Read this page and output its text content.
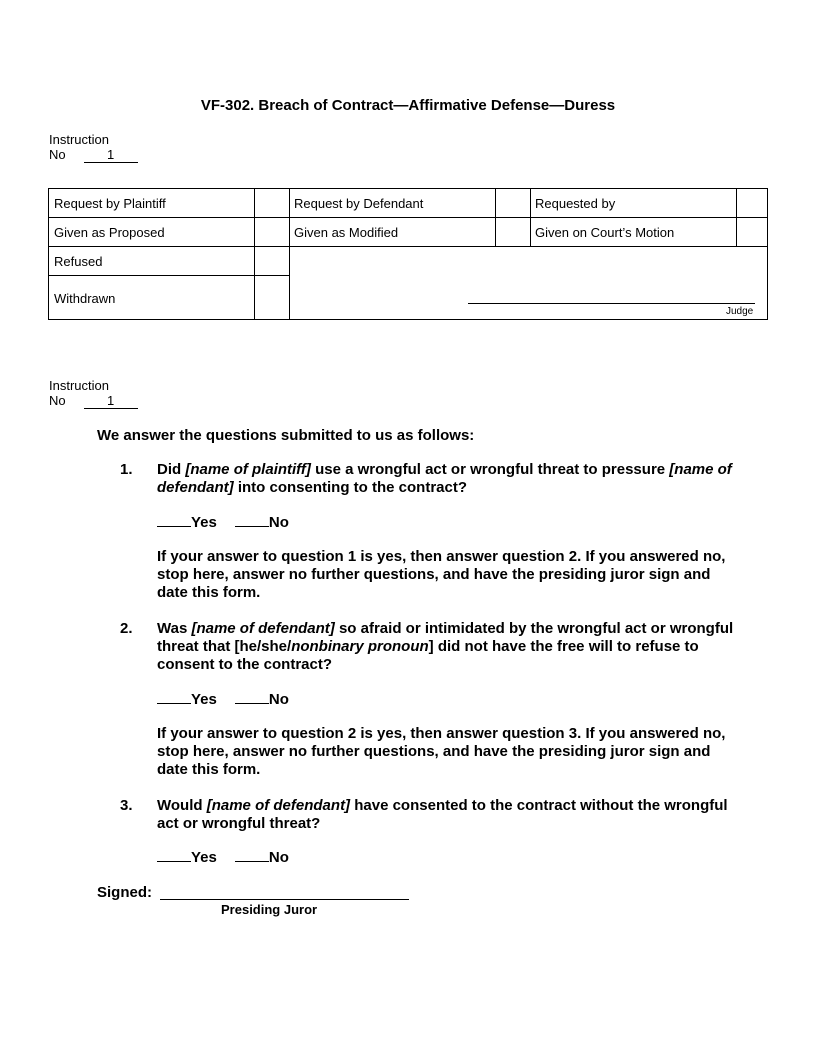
VF-302. Breach of Contract—Affirmative Defense—Duress
Instruction
No	1
Request by Plaintiff	Request by Defendant	Requested by
Given as Proposed	Given as Modified	Given on Court’s Motion
Refused
Withdrawn
Judge
Instruction
No	1
We answer the questions submitted to us as follows:
1. Did [name of plaintiff] use a wrongful act or wrongful threat to pressure [name of defendant] into consenting to the contract?
Yes	No
If your answer to question 1 is yes, then answer question 2. If you answered no, stop here, answer no further questions, and have the presiding juror sign and date this form.
2. Was [name of defendant] so afraid or intimidated by the wrongful act or wrongful threat that [he/she/nonbinary pronoun] did not have the free will to refuse to consent to the contract?
Yes	No
If your answer to question 2 is yes, then answer question 3. If you answered no, stop here, answer no further questions, and have the presiding juror sign and date this form.
3. Would [name of defendant] have consented to the contract without the wrongful act or wrongful threat?
Yes	No
Signed:
Presiding Juror
